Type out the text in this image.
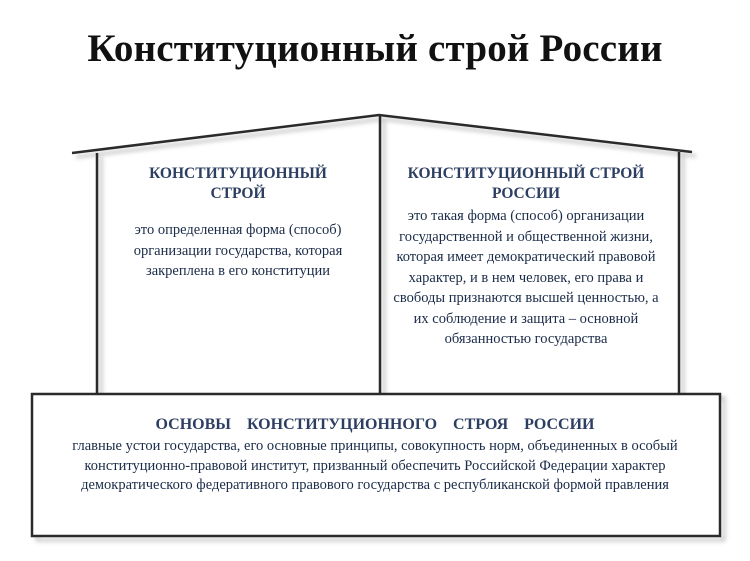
Конституционный строй России
КОНСТИТУЦИОННЫЙ СТРОЙ
это определенная форма (способ) организации государства, которая закреплена в его конституции
КОНСТИТУЦИОННЫЙ СТРОЙ РОССИИ
это такая форма (способ) организации государственной и общественной жизни, которая имеет демократический правовой характер, и в нем человек, его права и свободы признаются высшей ценностью, а их соблюдение и защита – основной обязанностью государства
ОСНОВЫ КОНСТИТУЦИОННОГО СТРОЯ РОССИИ
главные устои государства, его основные принципы, совокупность норм, объединенных в особый конституционно-правовой институт, призванный обеспечить Российской Федерации характер демократического федеративного правового государства с республиканской формой правления
